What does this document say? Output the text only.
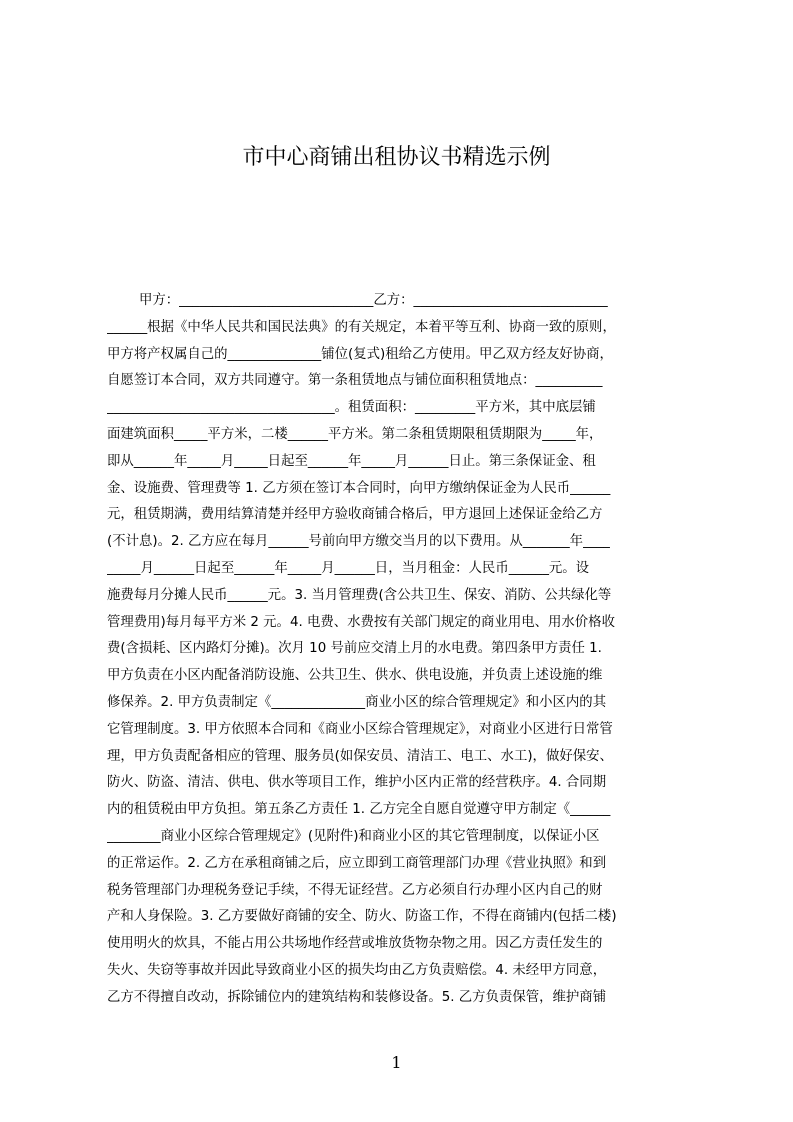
市中心商铺出租协议书精选示例
甲方：_____________________________乙方：_____________________________
______根据《中华人民共和国民法典》的有关规定，本着平等互利、协商一致的原则，
甲方将产权属自己的______________铺位(复式)租给乙方使用。甲乙双方经友好协商，
自愿签订本合同，双方共同遵守。第一条租赁地点与铺位面积租赁地点：__________
__________________________________。租赁面积：_________平方米，其中底层铺
面建筑面积_____平方米，二楼______平方米。第二条租赁期限租赁期限为_____年，
即从______年_____月_____日起至______年_____月______日止。第三条保证金、租
金、设施费、管理费等 1. 乙方须在签订本合同时，向甲方缴纳保证金为人民币______
元，租赁期满，费用结算清楚并经甲方验收商铺合格后，甲方退回上述保证金给乙方
(不计息)。2. 乙方应在每月______号前向甲方缴交当月的以下费用。从_______年____
_____月______日起至______年_____月______日，当月租金：人民币______元。设
施费每月分摊人民币______元。3. 当月管理费(含公共卫生、保安、消防、公共绿化等
管理费用)每月每平方米 2 元。4. 电费、水费按有关部门规定的商业用电、用水价格收
费(含损耗、区内路灯分摊)。次月 10 号前应交清上月的水电费。第四条甲方责任 1.
甲方负责在小区内配备消防设施、公共卫生、供水、供电设施，并负责上述设施的维
修保养。2. 甲方负责制定《______________商业小区的综合管理规定》和小区内的其
它管理制度。3. 甲方依照本合同和《商业小区综合管理规定》，对商业小区进行日常管
理，甲方负责配备相应的管理、服务员(如保安员、清洁工、电工、水工)，做好保安、
防火、防盗、清洁、供电、供水等项目工作，维护小区内正常的经营秩序。4. 合同期
内的租赁税由甲方负担。第五条乙方责任 1. 乙方完全自愿自觉遵守甲方制定《______
________商业小区综合管理规定》(见附件)和商业小区的其它管理制度，以保证小区
的正常运作。2. 乙方在承租商铺之后，应立即到工商管理部门办理《营业执照》和到
税务管理部门办理税务登记手续，不得无证经营。乙方必须自行办理小区内自己的财
产和人身保险。3. 乙方要做好商铺的安全、防火、防盗工作，不得在商铺内(包括二楼)
使用明火的炊具，不能占用公共场地作经营或堆放货物杂物之用。因乙方责任发生的
失火、失窃等事故并因此导致商业小区的损失均由乙方负责赔偿。4. 未经甲方同意，
乙方不得擅自改动，拆除铺位内的建筑结构和装修设备。5. 乙方负责保管，维护商铺
1
